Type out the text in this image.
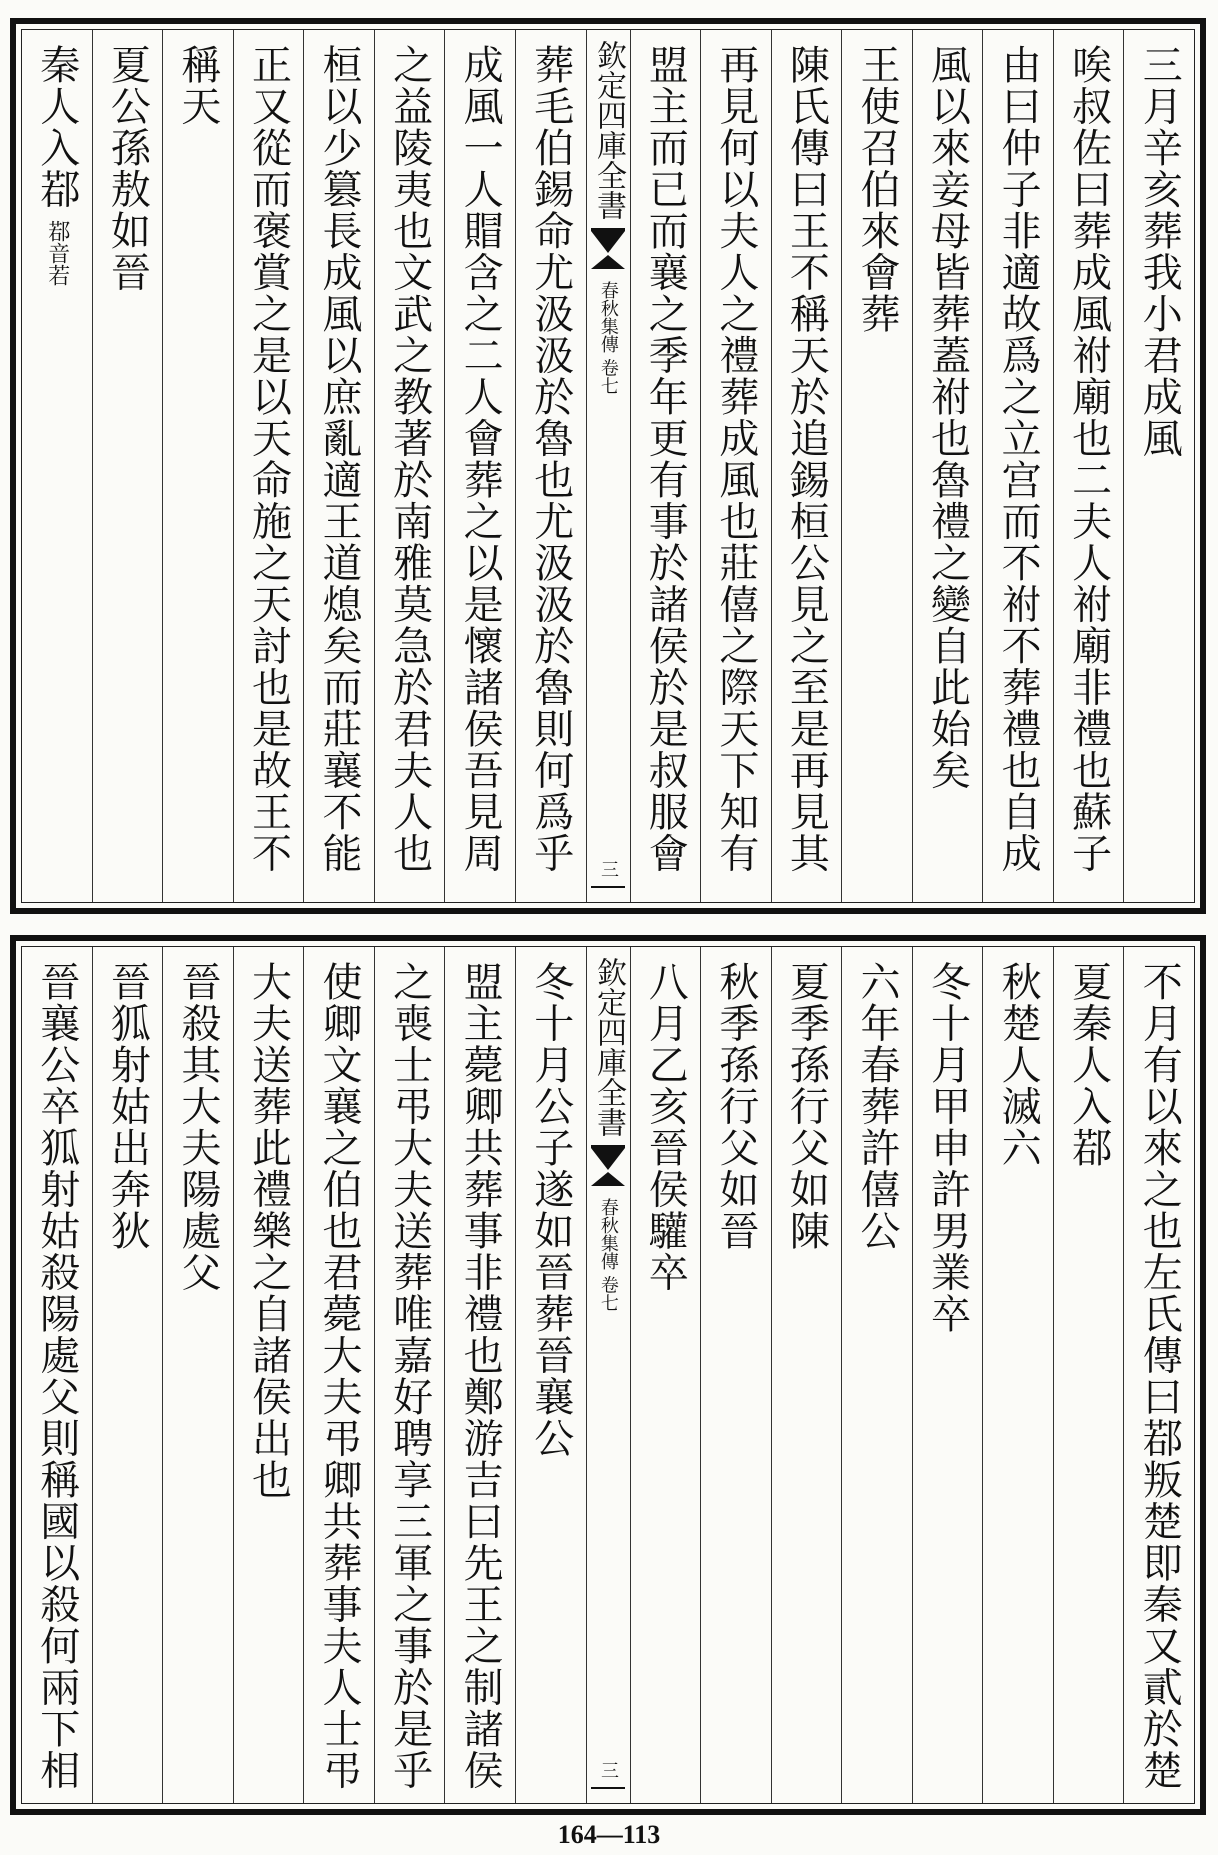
三月辛亥葬我小君成風
唉叔佐曰葬成風祔廟也二夫人祔廟非禮也蘇子
由曰仲子非適故爲之立宫而不祔不葬禮也自成
風以來妾母皆葬蓋祔也魯禮之變自此始矣
王使召伯來會葬
陳氏傳曰王不稱天於追錫桓公見之至是再見其
再見何以夫人之禮葬成風也莊僖之際天下知有
盟主而已而襄之季年更有事於諸侯於是叔服會
欽定四庫全書
春秋集傳 卷七
三
葬毛伯錫命尤汲汲於魯也尤汲汲於魯則何爲乎
成風一人賵含之二人會葬之以是懷諸侯吾見周
之益陵夷也文武之教著於南雅莫急於君夫人也
桓以少篡長成風以庶亂適王道熄矣而莊襄不能
正又從而褒賞之是以天命施之天討也是故王不
稱天
夏公孫敖如晉
秦人入鄀鄀音若
不月有以來之也左氏傳曰鄀叛楚即秦又貳於楚
夏秦人入鄀
秋楚人滅六
冬十月甲申許男業卒
六年春葬許僖公
夏季孫行父如陳
秋季孫行父如晉
八月乙亥晉侯驩卒
欽定四庫全書
春秋集傳 卷七
三
冬十月公子遂如晉葬晉襄公
盟主薨卿共葬事非禮也鄭游吉曰先王之制諸侯
之喪士弔大夫送葬唯嘉好聘享三軍之事於是乎
使卿文襄之伯也君薨大夫弔卿共葬事夫人士弔
大夫送葬此禮樂之自諸侯出也
晉殺其大夫陽處父
晉狐射姑出奔狄
晉襄公卒狐射姑殺陽處父則稱國以殺何兩下相
164—113
